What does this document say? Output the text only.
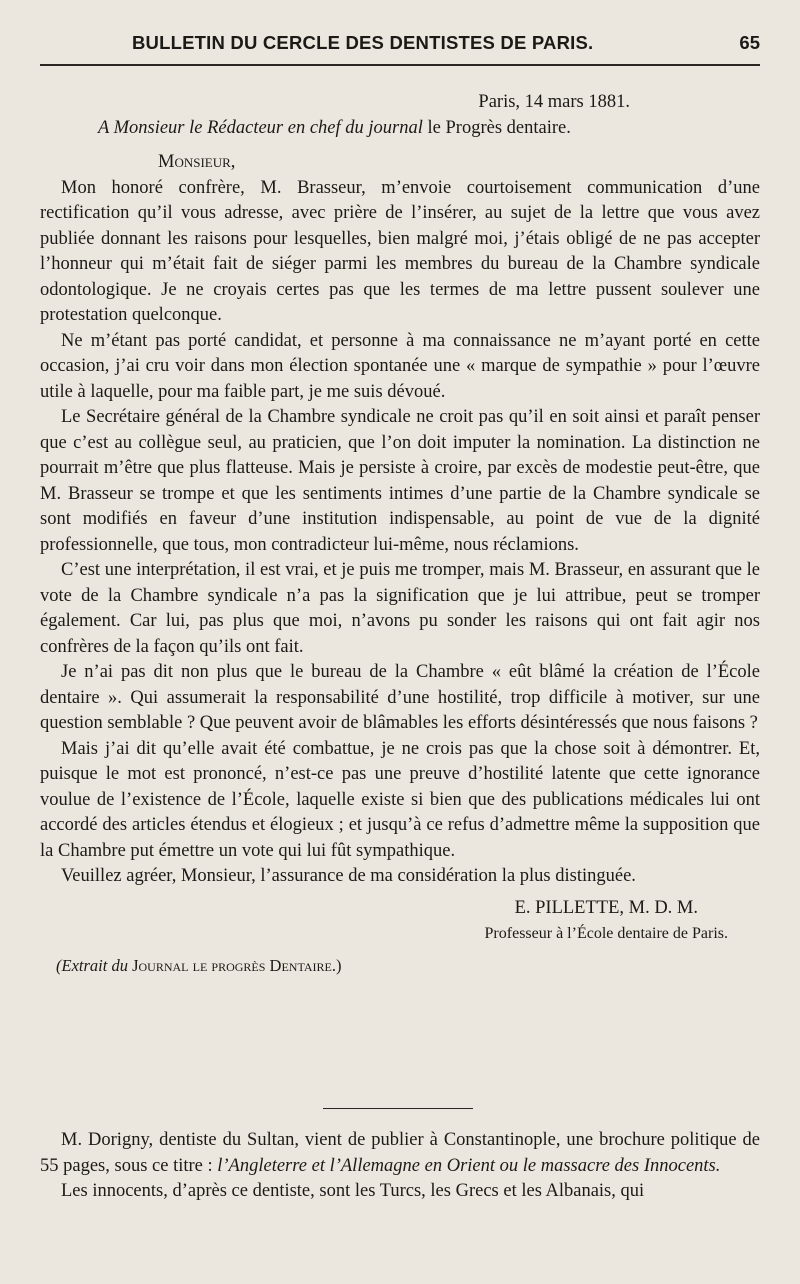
BULLETIN DU CERCLE DES DENTISTES DE PARIS.	65

Paris, 14 mars 1881.

A Monsieur le Rédacteur en chef du journal le Progrès dentaire.

Monsieur,

Mon honoré confrère, M. Brasseur, m’envoie courtoisement communication d’une rectification qu’il vous adresse, avec prière de l’insérer, au sujet de la lettre que vous avez publiée donnant les raisons pour lesquelles, bien malgré moi, j’étais obligé de ne pas accepter l’honneur qui m’était fait de siéger parmi les membres du bureau de la Chambre syndicale odontologique. Je ne croyais certes pas que les termes de ma lettre pussent soulever une protestation quelconque.

Ne m’étant pas porté candidat, et personne à ma connaissance ne m’ayant porté en cette occasion, j’ai cru voir dans mon élection spontanée une « marque de sympathie » pour l’œuvre utile à laquelle, pour ma faible part, je me suis dévoué.

Le Secrétaire général de la Chambre syndicale ne croit pas qu’il en soit ainsi et paraît penser que c’est au collègue seul, au praticien, que l’on doit imputer la nomination. La distinction ne pourrait m’être que plus flatteuse. Mais je persiste à croire, par excès de modestie peut-être, que M. Brasseur se trompe et que les sentiments intimes d’une partie de la Chambre syndicale se sont modifiés en faveur d’une institution indispensable, au point de vue de la dignité professionnelle, que tous, mon contradicteur lui-même, nous réclamions.

C’est une interprétation, il est vrai, et je puis me tromper, mais M. Brasseur, en assurant que le vote de la Chambre syndicale n’a pas la signification que je lui attribue, peut se tromper également. Car lui, pas plus que moi, n’avons pu sonder les raisons qui ont fait agir nos confrères de la façon qu’ils ont fait.

Je n’ai pas dit non plus que le bureau de la Chambre « eût blâmé la création de l’École dentaire ». Qui assumerait la responsabilité d’une hostilité, trop difficile à motiver, sur une question semblable ? Que peuvent avoir de blâmables les efforts désintéressés que nous faisons ?

Mais j’ai dit qu’elle avait été combattue, je ne crois pas que la chose soit à démontrer. Et, puisque le mot est prononcé, n’est-ce pas une preuve d’hostilité latente que cette ignorance voulue de l’existence de l’École, laquelle existe si bien que des publications médicales lui ont accordé des articles étendus et élogieux ; et jusqu’à ce refus d’admettre même la supposition que la Chambre put émettre un vote qui lui fût sympathique.

Veuillez agréer, Monsieur, l’assurance de ma considération la plus distinguée.

E. PILLETTE, M. D. M.

Professeur à l’École dentaire de Paris.

(Extrait du Journal le progrès Dentaire.)

M. Dorigny, dentiste du Sultan, vient de publier à Constantinople, une brochure politique de 55 pages, sous ce titre : l’Angleterre et l’Allemagne en Orient ou le massacre des Innocents.

Les innocents, d’après ce dentiste, sont les Turcs, les Grecs et les Albanais, qui
